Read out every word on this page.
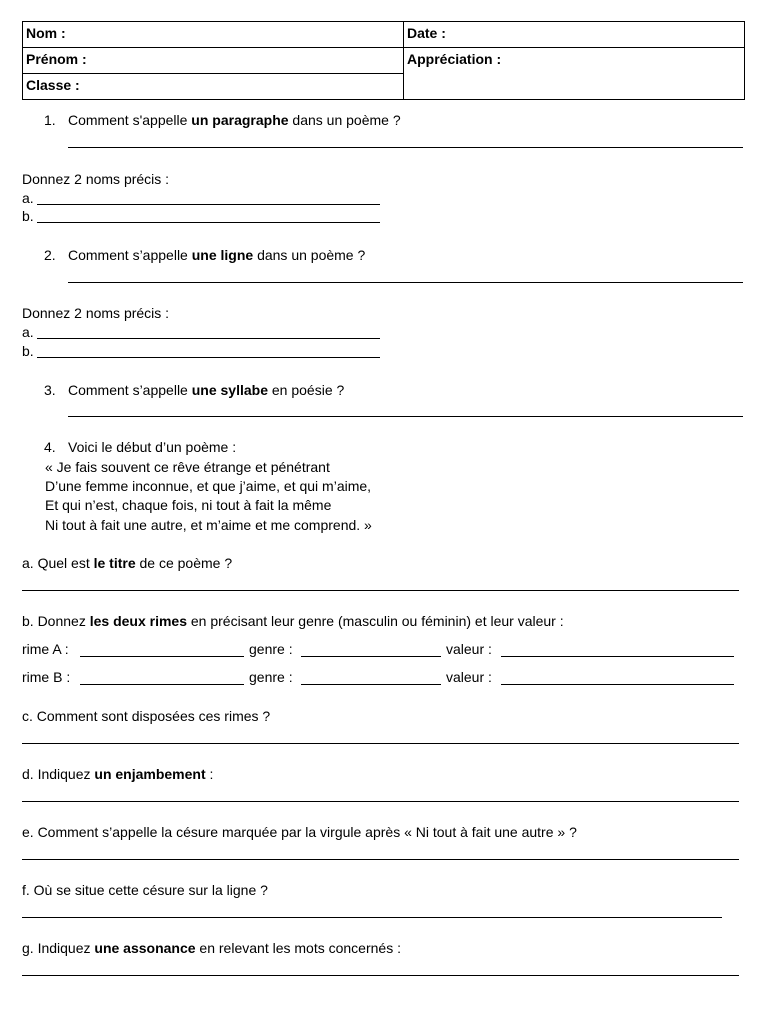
Nom :	Date :
Prénom :	Appréciation :
Classe :	
1. Comment s'appelle un paragraphe dans un poème ?
Donnez 2 noms précis :
a.
b.
2. Comment s’appelle une ligne dans un poème ?
Donnez 2 noms précis :
a.
b.
3. Comment s’appelle une syllabe en poésie ?
4. Voici le début d’un poème :
« Je fais souvent ce rêve étrange et pénétrant
D’une femme inconnue, et que j’aime, et qui m’aime,
Et qui n’est, chaque fois, ni tout à fait la même
Ni tout à fait une autre, et m’aime et me comprend. »
a. Quel est le titre de ce poème ?
b. Donnez les deux rimes en précisant leur genre (masculin ou féminin) et leur valeur :
rime A :	genre :	valeur :
rime B :	genre :	valeur :
c. Comment sont disposées ces rimes ?
d. Indiquez un enjambement :
e. Comment s’appelle la césure marquée par la virgule après « Ni tout à fait une autre » ?
f. Où se situe cette césure sur la ligne ?
g. Indiquez une assonance en relevant les mots concernés :
